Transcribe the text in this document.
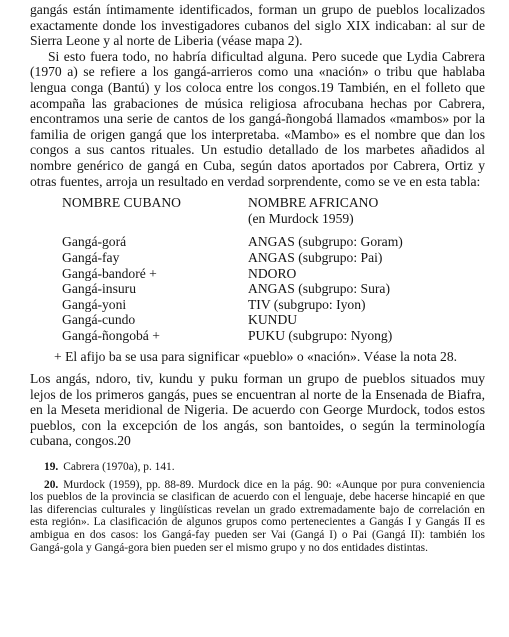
gangás están íntimamente identificados, forman un grupo de pueblos localizados exactamente donde los investigadores cubanos del siglo XIX indicaban: al sur de Sierra Leone y al norte de Liberia (véase mapa 2).

Si esto fuera todo, no habría dificultad alguna. Pero sucede que Lydia Cabrera (1970 a) se refiere a los gangá-arrieros como una «nación» o tribu que hablaba lengua conga (Bantú) y los coloca entre los congos.19 También, en el folleto que acompaña las grabaciones de música religiosa afrocubana hechas por Cabrera, encontramos una serie de cantos de los gangá-ñongobá llamados «mambos» por la familia de origen gangá que los interpretaba. «Mambo» es el nombre que dan los congos a sus cantos rituales. Un estudio detallado de los marbetes añadidos al nombre genérico de gangá en Cuba, según datos aportados por Cabrera, Ortiz y otras fuentes, arroja un resultado en verdad sorprendente, como se ve en esta tabla:

NOMBRE CUBANO	NOMBRE AFRICANO
(en Murdock 1959)
Gangá-gorá	ANGAS (subgrupo: Goram)
Gangá-fay	ANGAS (subgrupo: Pai)
Gangá-bandoré +	NDORO
Gangá-insuru	ANGAS (subgrupo: Sura)
Gangá-yoni	TIV (subgrupo: Iyon)
Gangá-cundo	KUNDU
Gangá-ñongobá +	PUKU (subgrupo: Nyong)

+ El afijo ba se usa para significar «pueblo» o «nación». Véase la nota 28.

Los angás, ndoro, tiv, kundu y puku forman un grupo de pueblos situados muy lejos de los primeros gangás, pues se encuentran al norte de la Ensenada de Biafra, en la Meseta meridional de Nigeria. De acuerdo con George Murdock, todos estos pueblos, con la excepción de los angás, son bantoides, o según la terminología cubana, congos.20

19. Cabrera (1970a), p. 141.

20. Murdock (1959), pp. 88-89. Murdock dice en la pág. 90: «Aunque por pura conveniencia los pueblos de la provincia se clasifican de acuerdo con el lenguaje, debe hacerse hincapié en que las diferencias culturales y lingüísticas revelan un grado extremadamente bajo de correlación en esta región». La clasificación de algunos grupos como pertenecientes a Gangás I y Gangás II es ambigua en dos casos: los Gangá-fay pueden ser Vai (Gangá I) o Pai (Gangá II): también los Gangá-gola y Gangá-gora bien pueden ser el mismo grupo y no dos entidades distintas.
